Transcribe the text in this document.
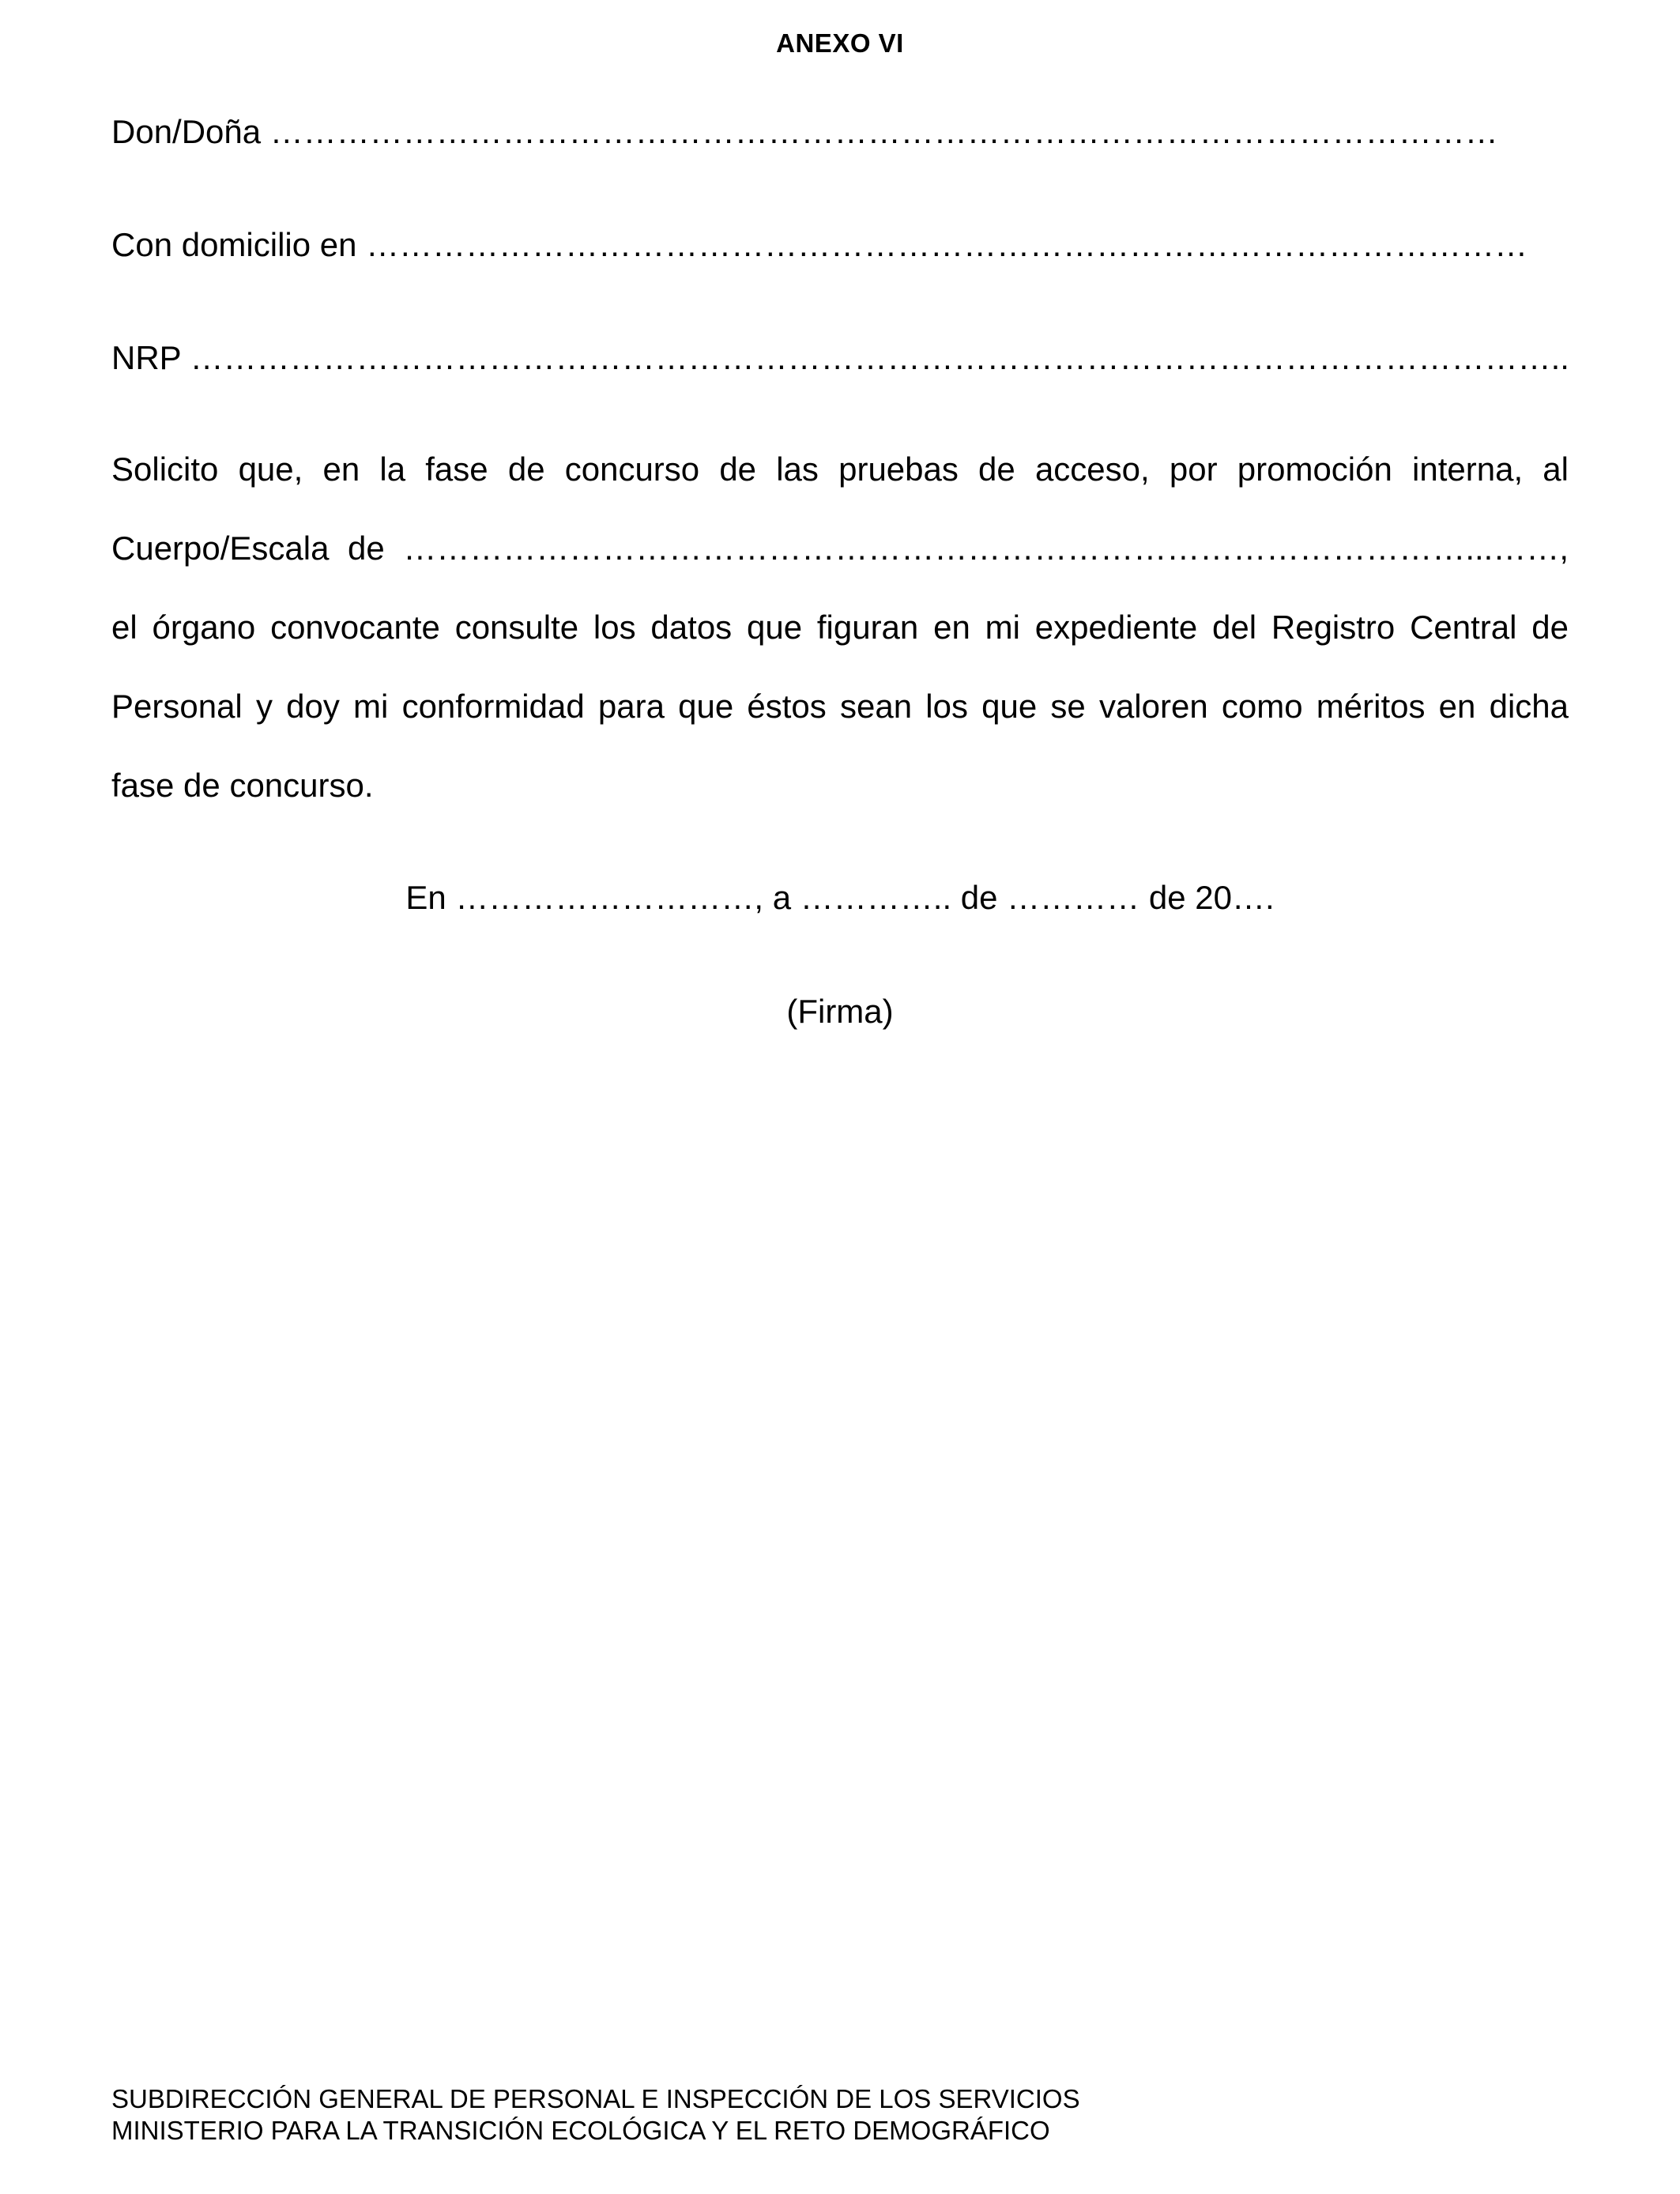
ANEXO VI
Don/Doña …………………………………………………………………………………………………
Con domicilio en ……………………………………………………………………………………………
NRP ……………………………………………………………………………………………………………..
Solicito que, en la fase de concurso de las pruebas de acceso, por promoción interna, al
Cuerpo/Escala de ……………………………………………………………………………………...……,
el órgano convocante consulte los datos que figuran en mi expediente del Registro Central de
Personal y doy mi conformidad para que éstos sean los que se valoren como méritos en dicha
fase de concurso.
En ………………………, a ………….. de ………… de 20….
(Firma)
SUBDIRECCIÓN GENERAL DE PERSONAL E INSPECCIÓN DE LOS SERVICIOS
MINISTERIO PARA LA TRANSICIÓN ECOLÓGICA Y EL RETO DEMOGRÁFICO
